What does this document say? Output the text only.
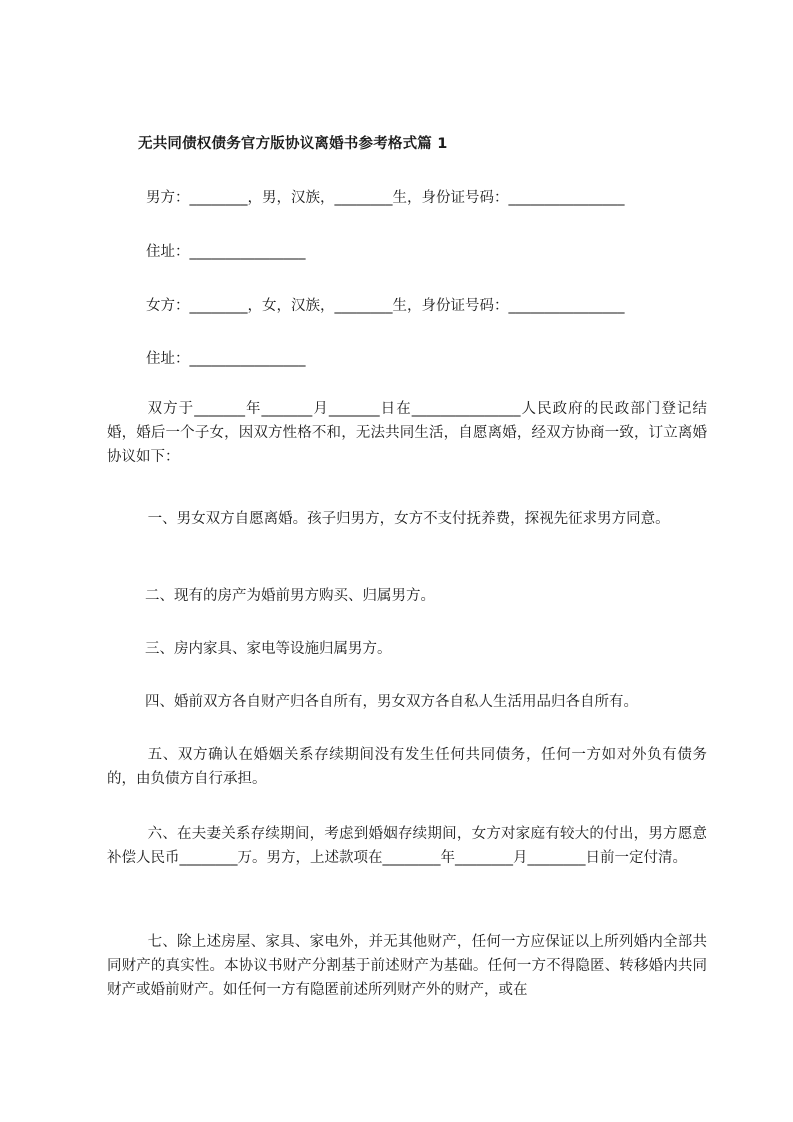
无共同债权债务官方版协议离婚书参考格式篇 1
男方：________，男，汉族，________生，身份证号码：________________
住址：________________
女方：________，女，汉族，________生，身份证号码：________________
住址：________________
双方于_______年_______月_______日在_______________人民政府的民政部门登记结婚，婚后一个子女，因双方性格不和，无法共同生活，自愿离婚，经双方协商一致，订立离婚协议如下：
一、男女双方自愿离婚。孩子归男方，女方不支付抚养费，探视先征求男方同意。
二、现有的房产为婚前男方购买、归属男方。
三、房内家具、家电等设施归属男方。
四、婚前双方各自财产归各自所有，男女双方各自私人生活用品归各自所有。
五、双方确认在婚姻关系存续期间没有发生任何共同债务，任何一方如对外负有债务的，由负债方自行承担。
六、在夫妻关系存续期间，考虑到婚姻存续期间，女方对家庭有较大的付出，男方愿意补偿人民币________万。男方，上述款项在________年________月________日前一定付清。
七、除上述房屋、家具、家电外，并无其他财产，任何一方应保证以上所列婚内全部共同财产的真实性。本协议书财产分割基于前述财产为基础。任何一方不得隐匿、转移婚内共同财产或婚前财产。如任何一方有隐匿前述所列财产外的财产，或在
